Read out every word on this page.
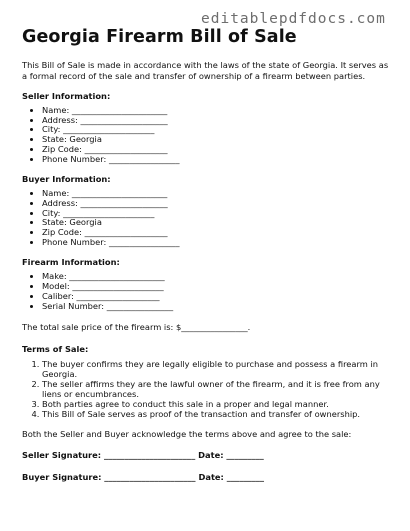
editablepdfdocs.com
Georgia Firearm Bill of Sale

This Bill of Sale is made in accordance with the laws of the state of Georgia. It serves as a formal record of the sale and transfer of ownership of a firearm between parties.

Seller Information:
• Name: _______________________
• Address: _____________________
• City: ______________________
• State: Georgia
• Zip Code: ____________________
• Phone Number: _________________
Buyer Information:
• Name: _______________________
• Address: _____________________
• City: ______________________
• State: Georgia
• Zip Code: ____________________
• Phone Number: _________________
Firearm Information:
• Make: _______________________
• Model: ______________________
• Caliber: ____________________
• Serial Number: ________________

The total sale price of the firearm is: $________________.

Terms of Sale:
1. The buyer confirms they are legally eligible to purchase and possess a firearm in Georgia.
2. The seller affirms they are the lawful owner of the firearm, and it is free from any liens or encumbrances.
3. Both parties agree to conduct this sale in a proper and legal manner.
4. This Bill of Sale serves as proof of the transaction and transfer of ownership.

Both the Seller and Buyer acknowledge the terms above and agree to the sale:

Seller Signature: ______________________ Date: _________

Buyer Signature: ______________________ Date: _________
